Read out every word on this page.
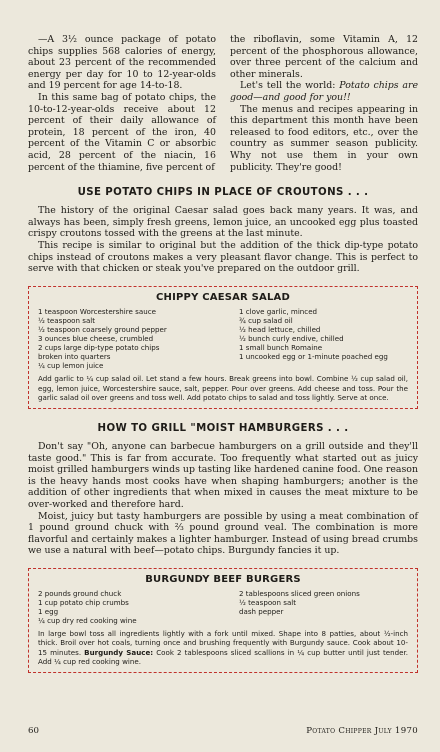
—A 3½ ounce package of potato chips supplies 568 calories of energy, about 23 percent of the recommended energy per day for 10 to 12-year-olds and 19 percent for age 14-to-18.

In this same bag of potato chips, the 10-to-12-year-olds receive about 12 percent of their daily allowance of protein, 18 percent of the iron, 40 percent of the Vitamin C or absorbic acid, 28 percent of the niacin, 16 percent of the thiamine, five percent of

the riboflavin, some Vitamin A, 12 percent of the phosphorous allowance, over three percent of the calcium and other minerals.

Let's tell the world: Potato chips are good—and good for you!!

The menus and recipes appearing in this department this month have been released to food editors, etc., over the country as summer season publicity. Why not use them in your own publicity. They're good!

USE POTATO CHIPS IN PLACE OF CROUTONS . . .

The history of the original Caesar salad goes back many years. It was, and always has been, simply fresh greens, lemon juice, an uncooked egg plus toasted crispy croutons tossed with the greens at the last minute.

This recipe is similar to original but the addition of the thick dip-type potato chips instead of croutons makes a very pleasant flavor change. This is perfect to serve with that chicken or steak you've prepared on the outdoor grill.

CHIPPY CAESAR SALAD

1 teaspoon Worcestershire sauce

½ teaspoon salt

½ teaspoon coarsely ground pepper

3 ounces blue cheese, crumbled

2 cups large dip-type potato chips

broken into quarters

¼ cup lemon juice

1 clove garlic, minced

¾ cup salad oil

½ head lettuce, chilled

½ bunch curly endive, chilled

1 small bunch Romaine

1 uncooked egg or 1-minute poached egg

Add garlic to ¼ cup salad oil. Let stand a few hours. Break greens into bowl. Combine ½ cup salad oil, egg, lemon juice, Worcestershire sauce, salt, pepper. Pour over greens. Add cheese and toss. Pour the garlic salad oil over greens and toss well. Add potato chips to salad and toss lightly. Serve at once.

HOW TO GRILL "MOIST HAMBURGERS . . .

Don't say "Oh, anyone can barbecue hamburgers on a grill outside and they'll taste good." This is far from accurate. Too frequently what started out as juicy moist grilled hamburgers winds up tasting like hardened canine food. One reason is the heavy hands most cooks have when shaping hamburgers; another is the addition of other ingredients that when mixed in causes the meat mixture to be over-worked and therefore hard.

Moist, juicy but tasty hamburgers are possible by using a meat combination of 1 pound ground chuck with ⅔ pound ground veal. The combination is more flavorful and certainly makes a lighter hamburger. Instead of using bread crumbs we use a natural with beef—potato chips. Burgundy fancies it up.

BURGUNDY BEEF BURGERS

2 pounds ground chuck

1 cup potato chip crumbs

1 egg

¼ cup dry red cooking wine

2 tablespoons sliced green onions

½ teaspoon salt

dash pepper

In large bowl toss all ingredients lightly with a fork until mixed. Shape into 8 patties, about ½-inch thick. Broil over hot coals, turning once and brushing frequently with Burgundy sauce. Cook about 10-15 minutes. Burgundy Sauce: Cook 2 tablespoons sliced scallions in ¼ cup butter until just tender. Add ¼ cup red cooking wine.

60	Potato Chipper July 1970
